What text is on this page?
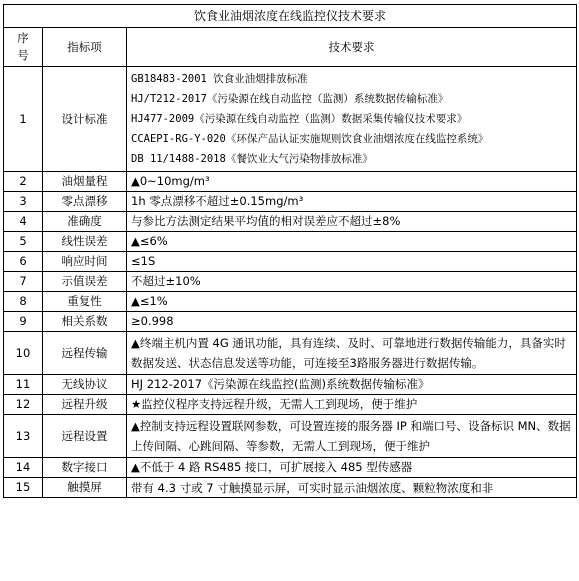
饮食业油烟浓度在线监控仪技术要求		
序号	指标项	技术要求
1	设计标准	GB18483-2001 饮食业油烟排放标准
HJ/T212-2017《污染源在线自动监控（监测）系统数据传输标准》
HJ477-2009《污染源在线自动监控（监测）数据采集传输仪技术要求》
CCAEPI-RG-Y-020《环保产品认证实施规则饮食业油烟浓度在线监控系统》
DB 11/1488-2018《餐饮业大气污染物排放标准》

2	油烟量程	▲0~10mg/m³
3	零点漂移	1h 零点漂移不超过±0.15mg/m³
4	准确度	与参比方法测定结果平均值的相对误差应不超过±8%
5	线性误差	▲≤6%
6	响应时间	≤1S
7	示值误差	不超过±10%
8	重复性	▲≤1%
9	相关系数	≥0.998
10	远程传输	▲终端主机内置 4G 通讯功能，具有连续、及时、可靠地进行数据传输能力，具备实时数据发送、状态信息发送等功能，可连接至3路服务器进行数据传输。
11	无线协议	HJ 212-2017《污染源在线监控(监测)系统数据传输标准》
12	远程升级	★监控仪程序支持远程升级，无需人工到现场，便于维护
13	远程设置	▲控制支持远程设置联网参数，可设置连接的服务器 IP 和端口号、设备标识 MN、数据上传间隔、心跳间隔、等参数，无需人工到现场，便于维护
14	数字接口	▲不低于 4 路 RS485 接口，可扩展接入 485 型传感器
15	触摸屏	带有 4.3 寸或 7 寸触摸显示屏，可实时显示油烟浓度、颗粒物浓度和非
